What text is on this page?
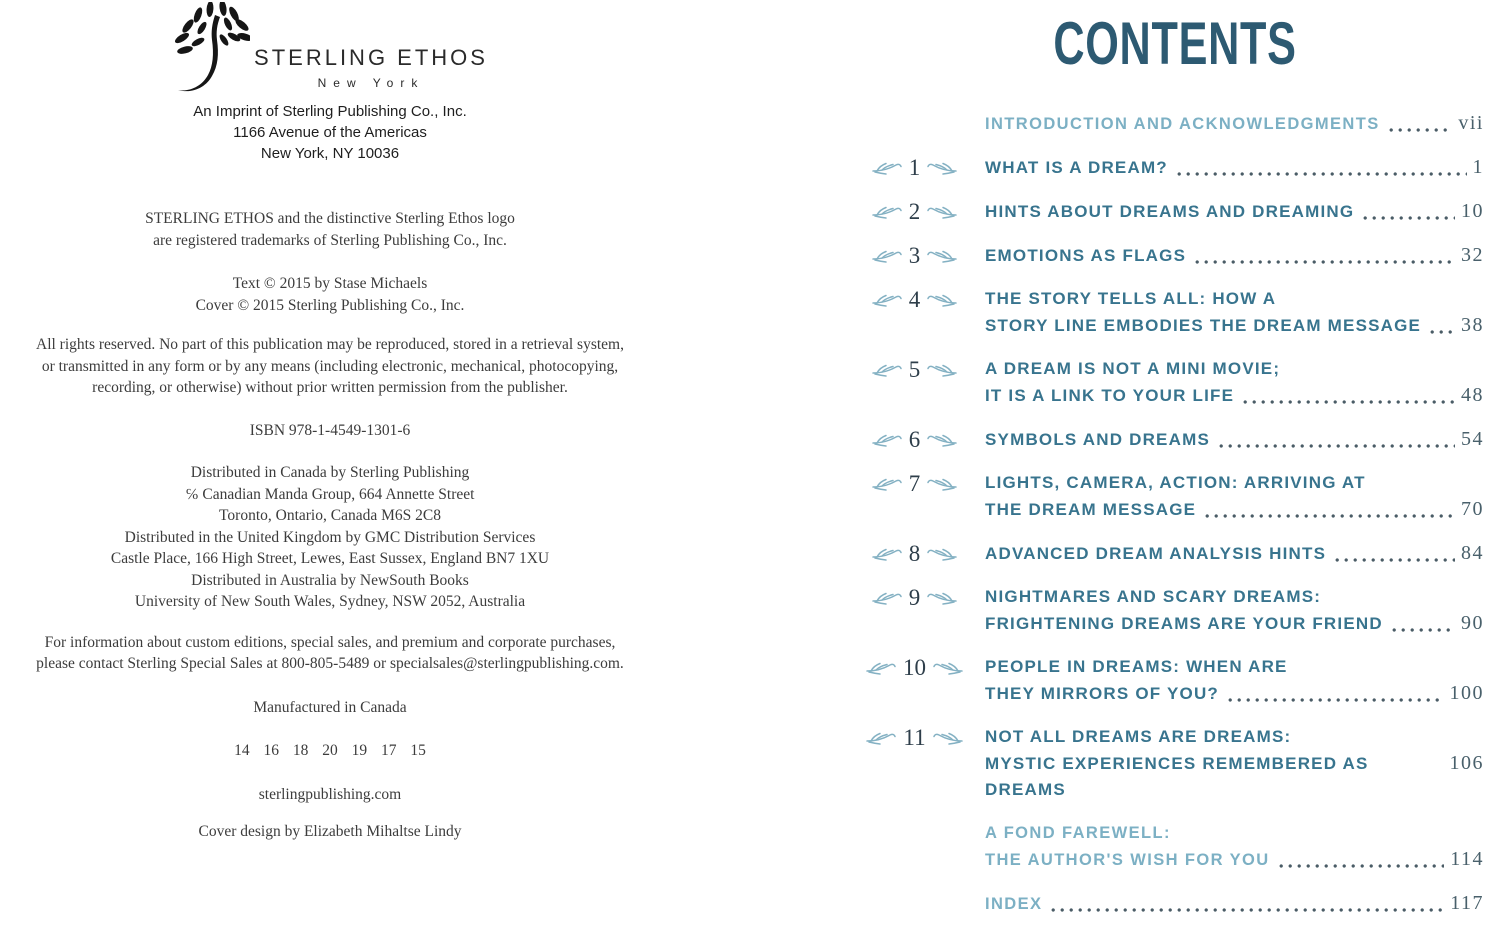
STERLING ETHOS
New York
An Imprint of Sterling Publishing Co., Inc.
1166 Avenue of the Americas
New York, NY 10036
STERLING ETHOS and the distinctive Sterling Ethos logo
are registered trademarks of Sterling Publishing Co., Inc.
Text © 2015 by Stase Michaels
Cover © 2015 Sterling Publishing Co., Inc.
All rights reserved. No part of this publication may be reproduced, stored in a retrieval system,
or transmitted in any form or by any means (including electronic, mechanical, photocopying,
recording, or otherwise) without prior written permission from the publisher.
ISBN 978-1-4549-1301-6
Distributed in Canada by Sterling Publishing
℅ Canadian Manda Group, 664 Annette Street
Toronto, Ontario, Canada M6S 2C8
Distributed in the United Kingdom by GMC Distribution Services
Castle Place, 166 High Street, Lewes, East Sussex, England BN7 1XU
Distributed in Australia by NewSouth Books
University of New South Wales, Sydney, NSW 2052, Australia
For information about custom editions, special sales, and premium and corporate purchases,
please contact Sterling Special Sales at 800-805-5489 or specialsales@sterlingpublishing.com.
Manufactured in Canada
14 16 18 20 19 17 15
sterlingpublishing.com
Cover design by Elizabeth Mihaltse Lindy
CONTENTS
INTRODUCTION AND ACKNOWLEDGMENTS	vii
1	WHAT IS A DREAM?	1
2	HINTS ABOUT DREAMS AND DREAMING	10
3	EMOTIONS AS FLAGS	32
4	THE STORY TELLS ALL: HOW A
STORY LINE EMBODIES THE DREAM MESSAGE 38
5	A DREAM IS NOT A MINI MOVIE;
IT IS A LINK TO YOUR LIFE	48
6	SYMBOLS AND DREAMS	54
7	LIGHTS, CAMERA, ACTION: ARRIVING AT
THE DREAM MESSAGE	70
8	ADVANCED DREAM ANALYSIS HINTS	84
9	NIGHTMARES AND SCARY DREAMS:
FRIGHTENING DREAMS ARE YOUR FRIEND	90
10	PEOPLE IN DREAMS: WHEN ARE
THEY MIRRORS OF YOU?	100
11	NOT ALL DREAMS ARE DREAMS:
MYSTIC EXPERIENCES REMEMBERED AS DREAMS
106
A FOND FAREWELL:
THE AUTHOR'S WISH FOR YOU	114
INDEX	117
